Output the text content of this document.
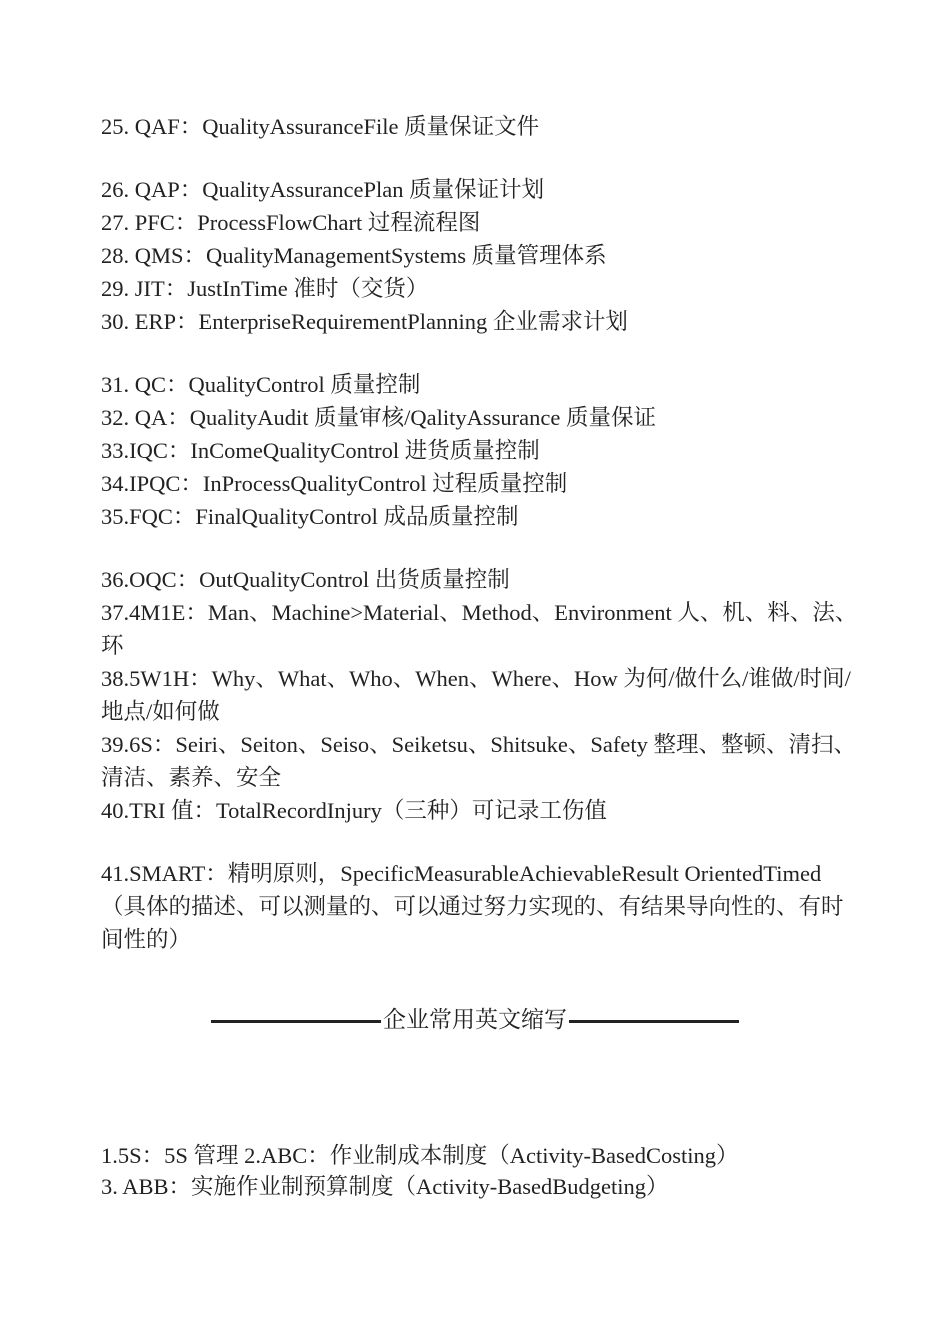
25. QAF：QualityAssuranceFile 质量保证文件

26. QAP：QualityAssurancePlan 质量保证计划

27. PFC：ProcessFlowChart 过程流程图

28. QMS：QualityManagementSystems 质量管理体系

29. JIT：JustInTime 准时（交货）

30. ERP：EnterpriseRequirementPlanning 企业需求计划

31. QC：QualityControl 质量控制

32. QA：QualityAudit 质量审核/QalityAssurance 质量保证

33.IQC：InComeQualityControl 进货质量控制

34.IPQC：InProcessQualityControl 过程质量控制

35.FQC：FinalQualityControl 成品质量控制

36.OQC：OutQualityControl 出货质量控制

37.4M1E：Man、Machine>Material、Method、Environment 人、机、料、法、环

38.5W1H：Why、What、Who、When、Where、How 为何/做什么/谁做/时间/地点/如何做

39.6S：Seiri、Seiton、Seiso、Seiketsu、Shitsuke、Safety 整理、整顿、清扫、清洁、素养、安全

40.TRI 值：TotalRecordInjury（三种）可记录工伤值

41.SMART：精明原则，SpecificMeasurableAchievableResult OrientedTimed（具体的描述、可以测量的、可以通过努力实现的、有结果导向性的、有时间性的）

企业常用英文缩写

1.5S：5S 管理 2.ABC：作业制成本制度（Activity-BasedCosting）

3. ABB：实施作业制预算制度（Activity-BasedBudgeting）
